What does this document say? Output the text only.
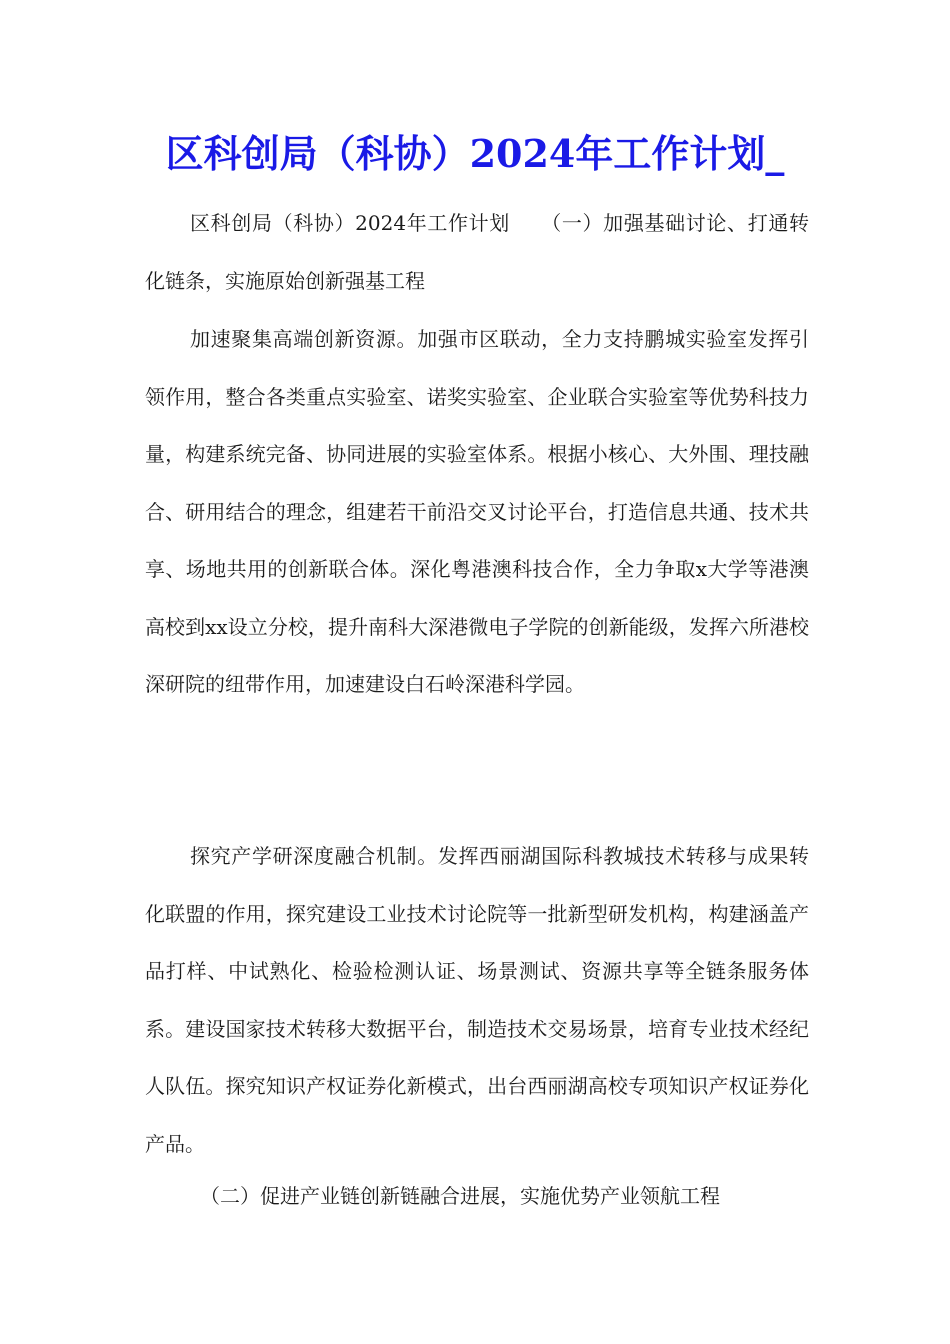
区科创局（科协）2024年工作计划_

区科创局（科协）2024年工作计划　　（一）加强基础讨论、打通转化链条，实施原始创新强基工程

加速聚集高端创新资源。加强市区联动，全力支持鹏城实验室发挥引领作用，整合各类重点实验室、诺奖实验室、企业联合实验室等优势科技力量，构建系统完备、协同进展的实验室体系。根据小核心、大外围、理技融合、研用结合的理念，组建若干前沿交叉讨论平台，打造信息共通、技术共享、场地共用的创新联合体。深化粤港澳科技合作，全力争取x大学等港澳高校到xx设立分校，提升南科大深港微电子学院的创新能级，发挥六所港校深研院的纽带作用，加速建设白石岭深港科学园。

探究产学研深度融合机制。发挥西丽湖国际科教城技术转移与成果转化联盟的作用，探究建设工业技术讨论院等一批新型研发机构，构建涵盖产品打样、中试熟化、检验检测认证、场景测试、资源共享等全链条服务体系。建设国家技术转移大数据平台，制造技术交易场景，培育专业技术经纪人队伍。探究知识产权证券化新模式，出台西丽湖高校专项知识产权证券化产品。

（二）促进产业链创新链融合进展，实施优势产业领航工程
